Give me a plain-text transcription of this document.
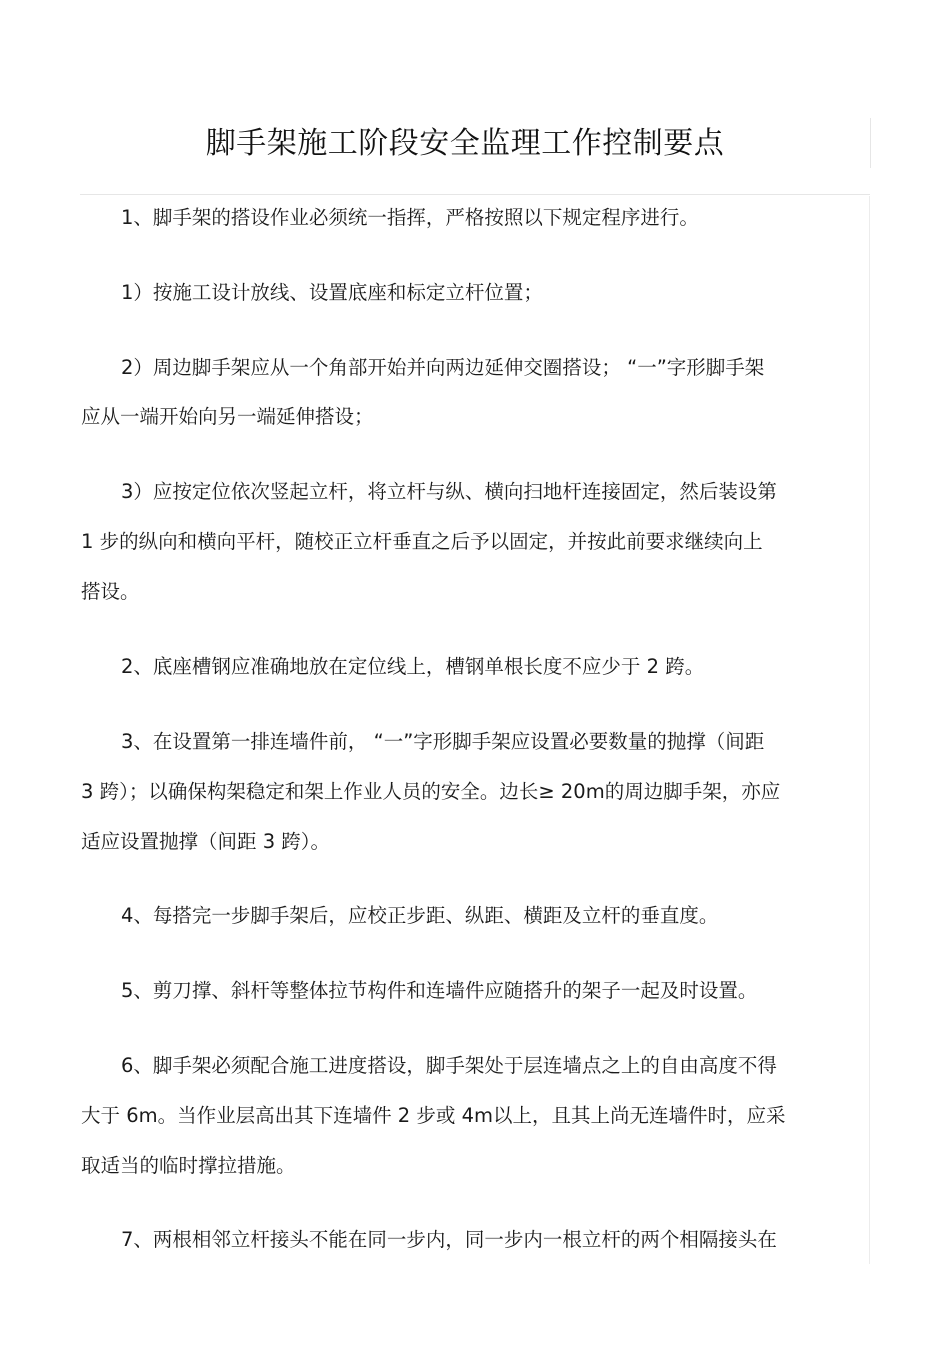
脚手架施工阶段安全监理工作控制要点
1、脚手架的搭设作业必须统一指挥，严格按照以下规定程序进行。
1）按施工设计放线、设置底座和标定立杆位置；
2）周边脚手架应从一个角部开始并向两边延伸交圈搭设； “一”字形脚手架
应从一端开始向另一端延伸搭设；
3）应按定位依次竖起立杆，将立杆与纵、横向扫地杆连接固定，然后装设第
1 步的纵向和横向平杆，随校正立杆垂直之后予以固定，并按此前要求继续向上
搭设。
2、底座槽钢应准确地放在定位线上，槽钢单根长度不应少于 2 跨。
3、在设置第一排连墙件前， “一”字形脚手架应设置必要数量的抛撑（间距
3 跨）；以确保构架稳定和架上作业人员的安全。边长≥ 20m的周边脚手架，亦应
适应设置抛撑（间距 3 跨）。
4、每搭完一步脚手架后，应校正步距、纵距、横距及立杆的垂直度。
5、剪刀撑、斜杆等整体拉节构件和连墙件应随搭升的架子一起及时设置。
6、脚手架必须配合施工进度搭设，脚手架处于层连墙点之上的自由高度不得
大于 6m。当作业层高出其下连墙件 2 步或 4m以上，且其上尚无连墙件时，应采
取适当的临时撑拉措施。
7、两根相邻立杆接头不能在同一步内，同一步内一根立杆的两个相隔接头在
